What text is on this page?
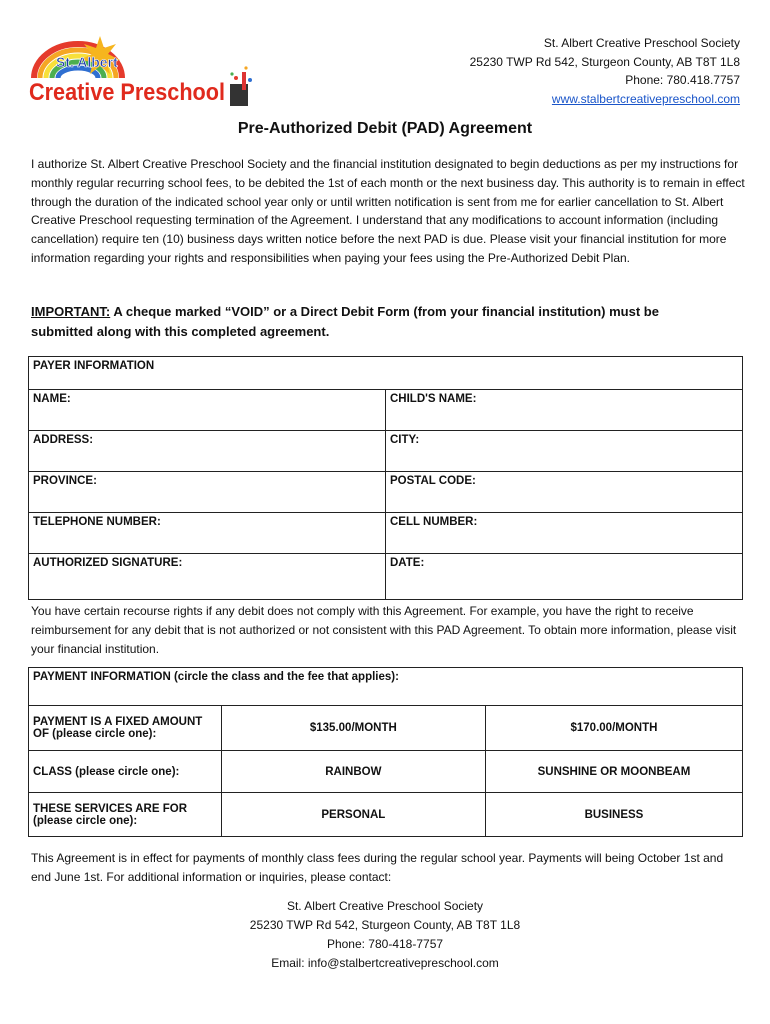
St. Albert
Creative Preschool
St. Albert Creative Preschool Society
25230 TWP Rd 542, Sturgeon County, AB T8T 1L8
Phone: 780.418.7757
www.stalbertcreativepreschool.com
Pre-Authorized Debit (PAD) Agreement
I authorize St. Albert Creative Preschool Society and the financial institution designated to begin deductions as per my instructions for monthly regular recurring school fees, to be debited the 1st of each month or the next business day. This authority is to remain in effect through the duration of the indicated school year only or until written notification is sent from me for earlier cancellation to St. Albert Creative Preschool requesting termination of the Agreement. I understand that any modifications to account information (including cancellation) require ten (10) business days written notice before the next PAD is due. Please visit your financial institution for more information regarding your rights and responsibilities when paying your fees using the Pre-Authorized Debit Plan.
IMPORTANT: A cheque marked “VOID” or a Direct Debit Form (from your financial institution) must be submitted along with this completed agreement.
PAYER INFORMATION	
NAME:	CHILD'S NAME:
ADDRESS:	CITY:
PROVINCE:	POSTAL CODE:
TELEPHONE NUMBER:	CELL NUMBER:
AUTHORIZED SIGNATURE:	DATE:
You have certain recourse rights if any debit does not comply with this Agreement. For example, you have the right to receive reimbursement for any debit that is not authorized or not consistent with this PAD Agreement. To obtain more information, please visit your financial institution.
PAYMENT INFORMATION (circle the class and the fee that applies):		
PAYMENT IS A FIXED AMOUNT OF (please circle one):	$135.00/MONTH	$170.00/MONTH
CLASS (please circle one):	RAINBOW	SUNSHINE OR MOONBEAM
THESE SERVICES ARE FOR (please circle one):	PERSONAL	BUSINESS
This Agreement is in effect for payments of monthly class fees during the regular school year. Payments will being October 1st and end June 1st. For additional information or inquiries, please contact:
St. Albert Creative Preschool Society
25230 TWP Rd 542, Sturgeon County, AB T8T 1L8
Phone: 780-418-7757
Email: info@stalbertcreativepreschool.com
